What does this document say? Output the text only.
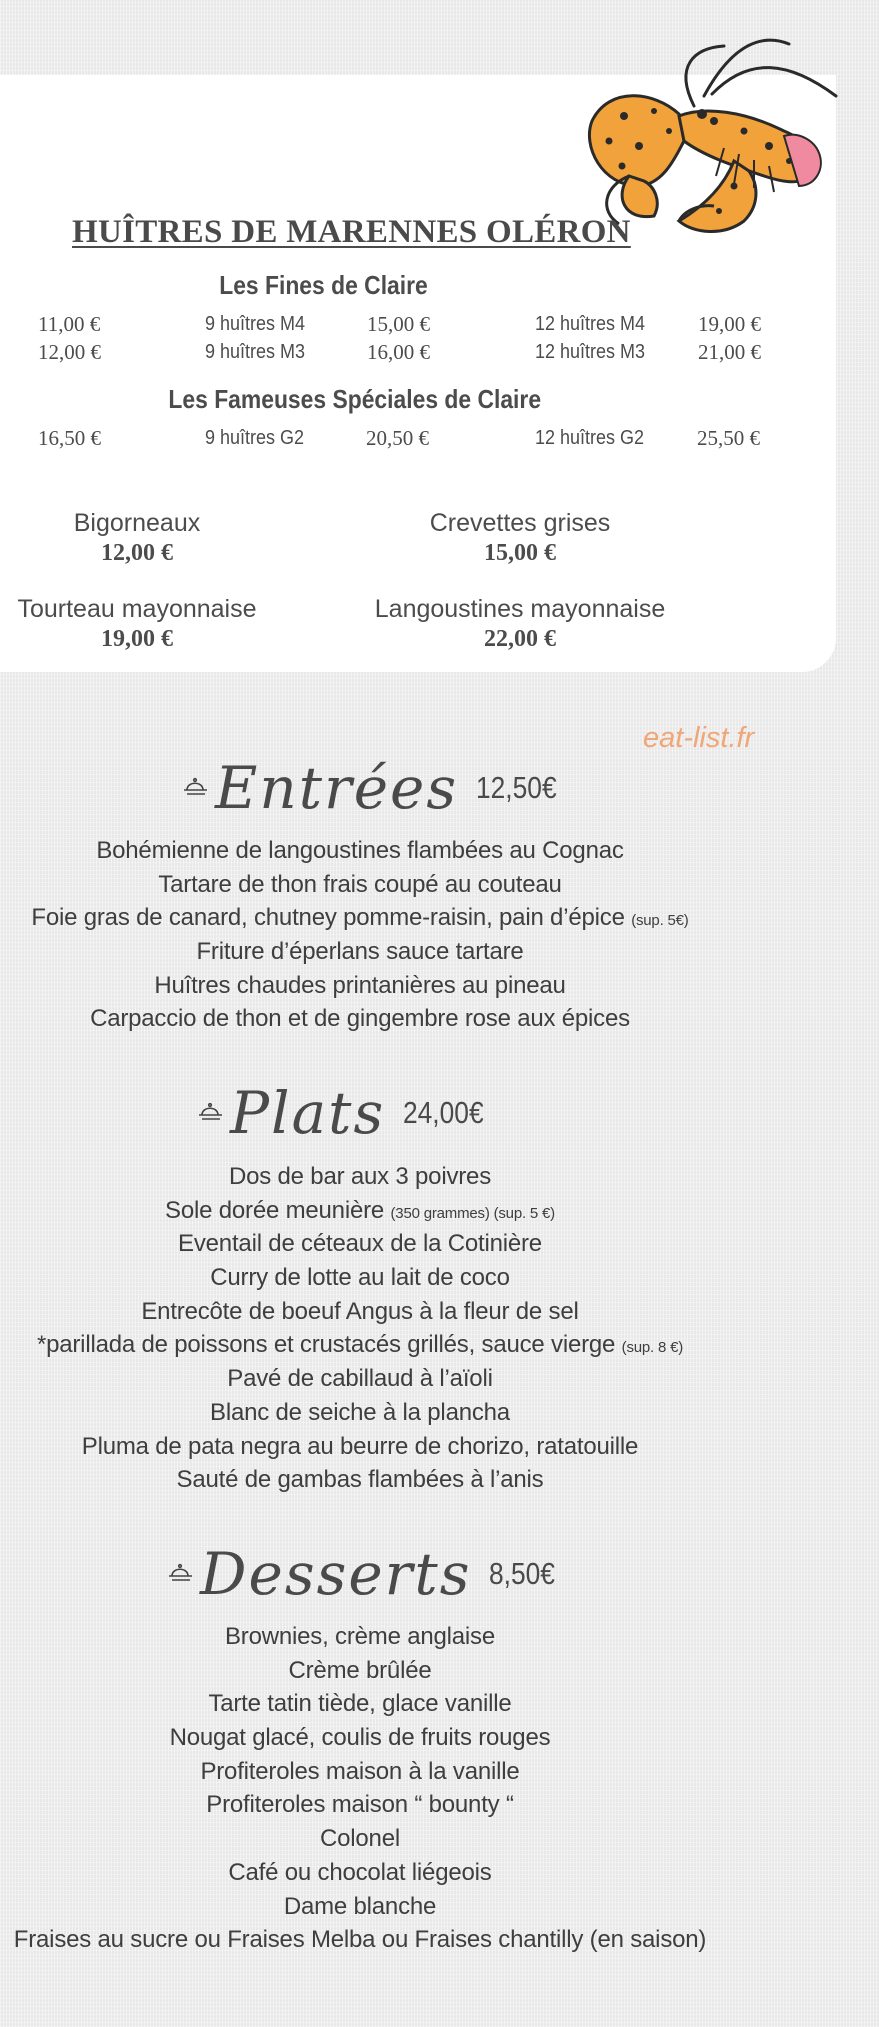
HUÎTRES DE MARENNES OLÉRON
Les Fines de Claire
11,00 €	9 huîtres M4	15,00 €	12 huîtres M4	19,00 €
12,00 €	9 huîtres M3	16,00 €	12 huîtres M3	21,00 €
Les Fameuses Spéciales de Claire
16,50 €	9 huîtres G2	20,50 €	12 huîtres G2	25,50 €
Bigorneaux
12,00 €
Crevettes grises
15,00 €
Tourteau mayonnaise
19,00 €
Langoustines mayonnaise
22,00 €
eat-list.fr
Entrées 12,50€
Bohémienne de langoustines flambées au Cognac
Tartare de thon frais coupé au couteau
Foie gras de canard, chutney pomme-raisin, pain d’épice (sup. 5€)
Friture d’éperlans sauce tartare
Huîtres chaudes printanières au pineau
Carpaccio de thon et de gingembre rose aux épices
Plats 24,00€
Dos de bar aux 3 poivres
Sole dorée meunière (350 grammes) (sup. 5 €)
Eventail de céteaux de la Cotinière
Curry de lotte au lait de coco
Entrecôte de boeuf Angus à la fleur de sel
*parillada de poissons et crustacés grillés, sauce vierge (sup. 8 €)
Pavé de cabillaud à l’aïoli
Blanc de seiche à la plancha
Pluma de pata negra au beurre de chorizo, ratatouille
Sauté de gambas flambées à l’anis
Desserts 8,50€
Brownies, crème anglaise
Crème brûlée
Tarte tatin tiède, glace vanille
Nougat glacé, coulis de fruits rouges
Profiteroles maison à la vanille
Profiteroles maison “ bounty “
Colonel
Café ou chocolat liégeois
Dame blanche
Fraises au sucre ou Fraises Melba ou Fraises chantilly (en saison)
